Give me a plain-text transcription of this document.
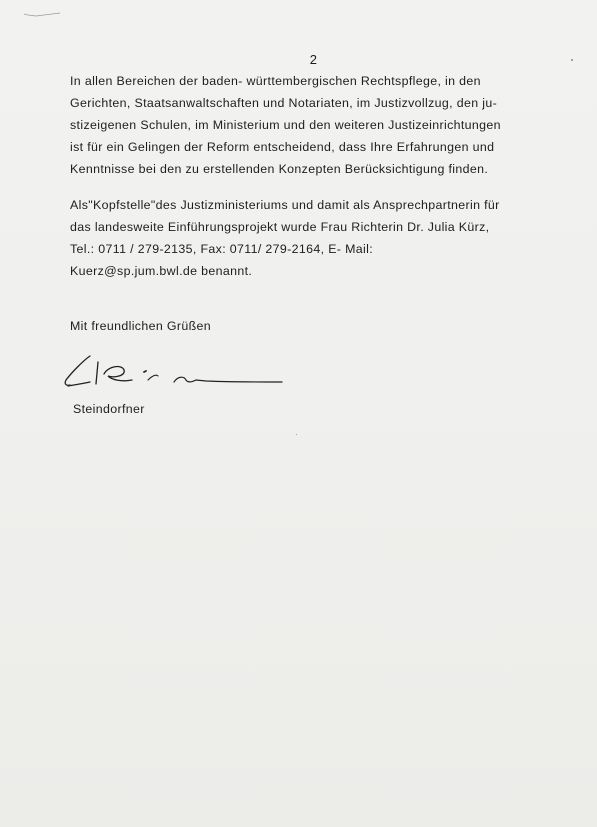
2

In allen Bereichen der baden- württembergischen Rechtspflege, in den
Gerichten, Staatsanwaltschaften und Notariaten, im Justizvollzug, den ju-
stizeigenen Schulen, im Ministerium und den weiteren Justizeinrichtungen
ist für ein Gelingen der Reform entscheidend, dass Ihre Erfahrungen und
Kenntnisse bei den zu erstellenden Konzepten Berücksichtigung finden.

Als"Kopfstelle"des Justizministeriums und damit als Ansprechpartnerin für
das landesweite Einführungsprojekt wurde Frau Richterin Dr. Julia Kürz,
Tel.: 0711 / 279-2135, Fax: 0711/ 279-2164, E- Mail:
Kuerz@sp.jum.bwl.de benannt.

Mit freundlichen Grüßen
Steindorfner
